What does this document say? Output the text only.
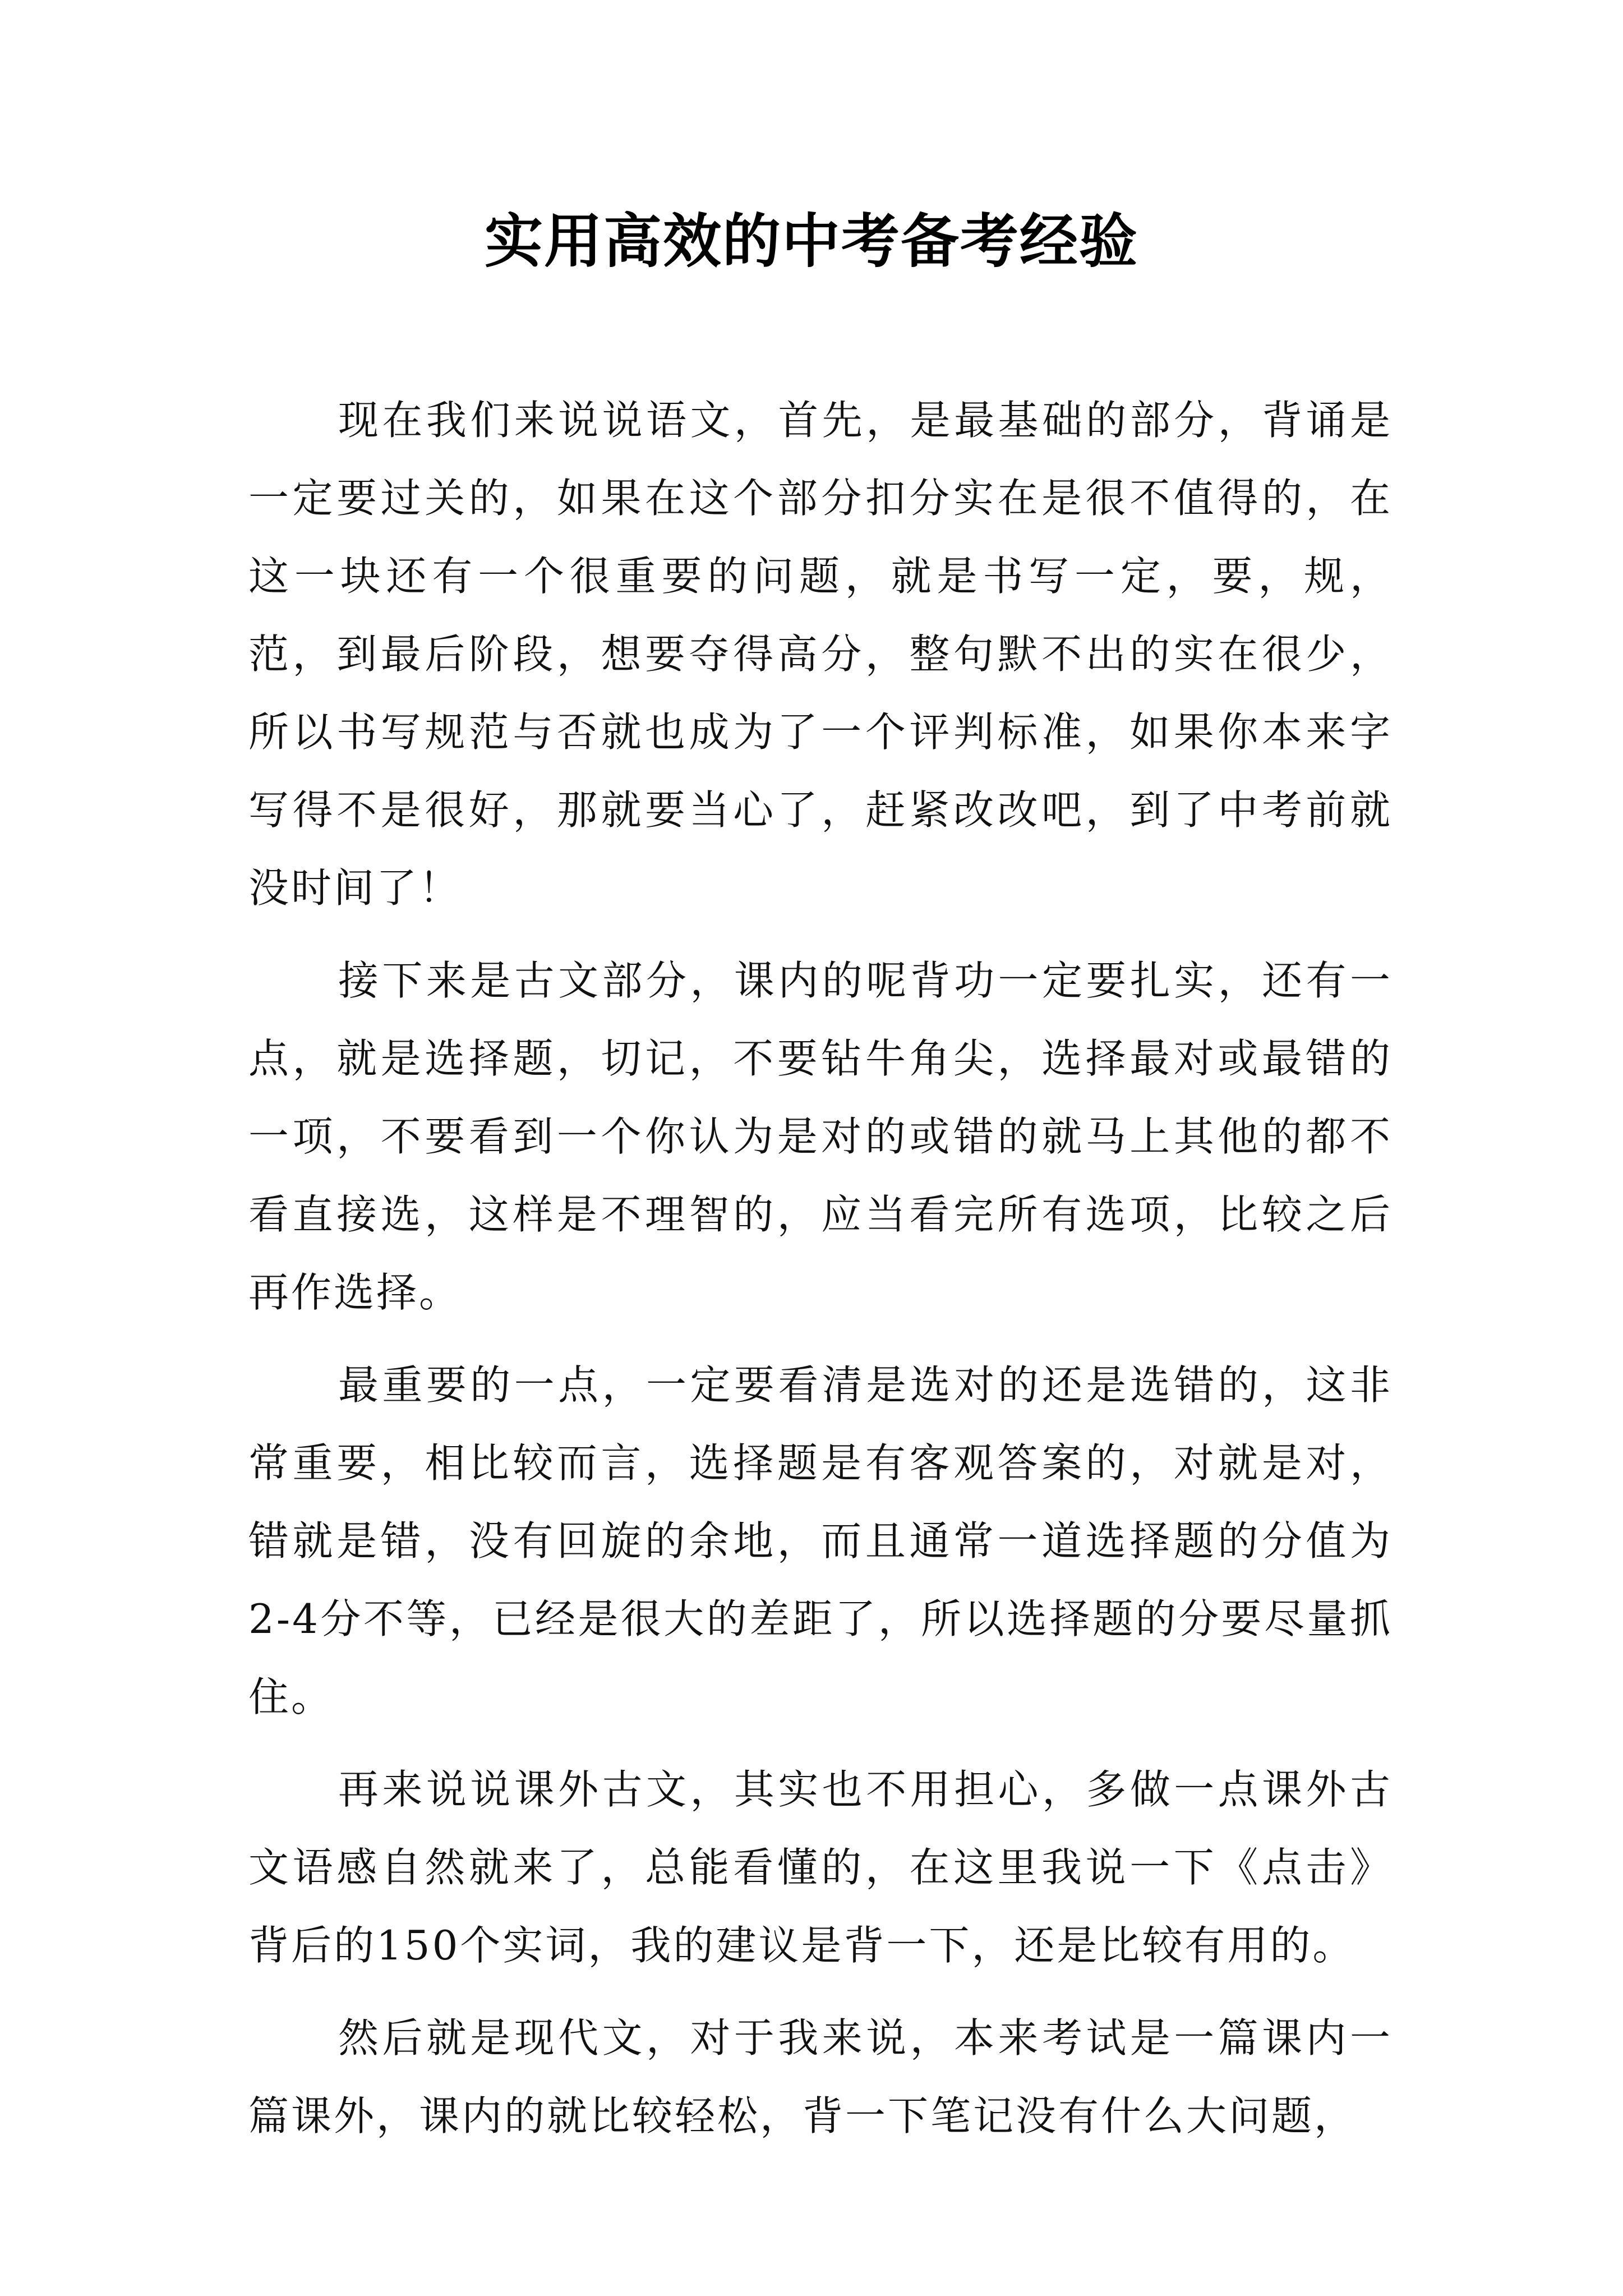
实用高效的中考备考经验

现在我们来说说语文，首先，是最基础的部分，背诵是一定要过关的，如果在这个部分扣分实在是很不值得的，在这一块还有一个很重要的问题，就是书写一定，要，规，范，到最后阶段，想要夺得高分，整句默不出的实在很少，所以书写规范与否就也成为了一个评判标准，如果你本来字写得不是很好，那就要当心了，赶紧改改吧，到了中考前就没时间了！

接下来是古文部分，课内的呢背功一定要扎实，还有一点，就是选择题，切记，不要钻牛角尖，选择最对或最错的一项，不要看到一个你认为是对的或错的就马上其他的都不看直接选，这样是不理智的，应当看完所有选项，比较之后再作选择。

最重要的一点，一定要看清是选对的还是选错的，这非常重要，相比较而言，选择题是有客观答案的，对就是对，错就是错，没有回旋的余地，而且通常一道选择题的分值为2-4分不等，已经是很大的差距了，所以选择题的分要尽量抓住。

再来说说课外古文，其实也不用担心，多做一点课外古文语感自然就来了，总能看懂的，在这里我说一下《点击》背后的150个实词，我的建议是背一下，还是比较有用的。

然后就是现代文，对于我来说，本来考试是一篇课内一篇课外，课内的就比较轻松，背一下笔记没有什么大问题，
